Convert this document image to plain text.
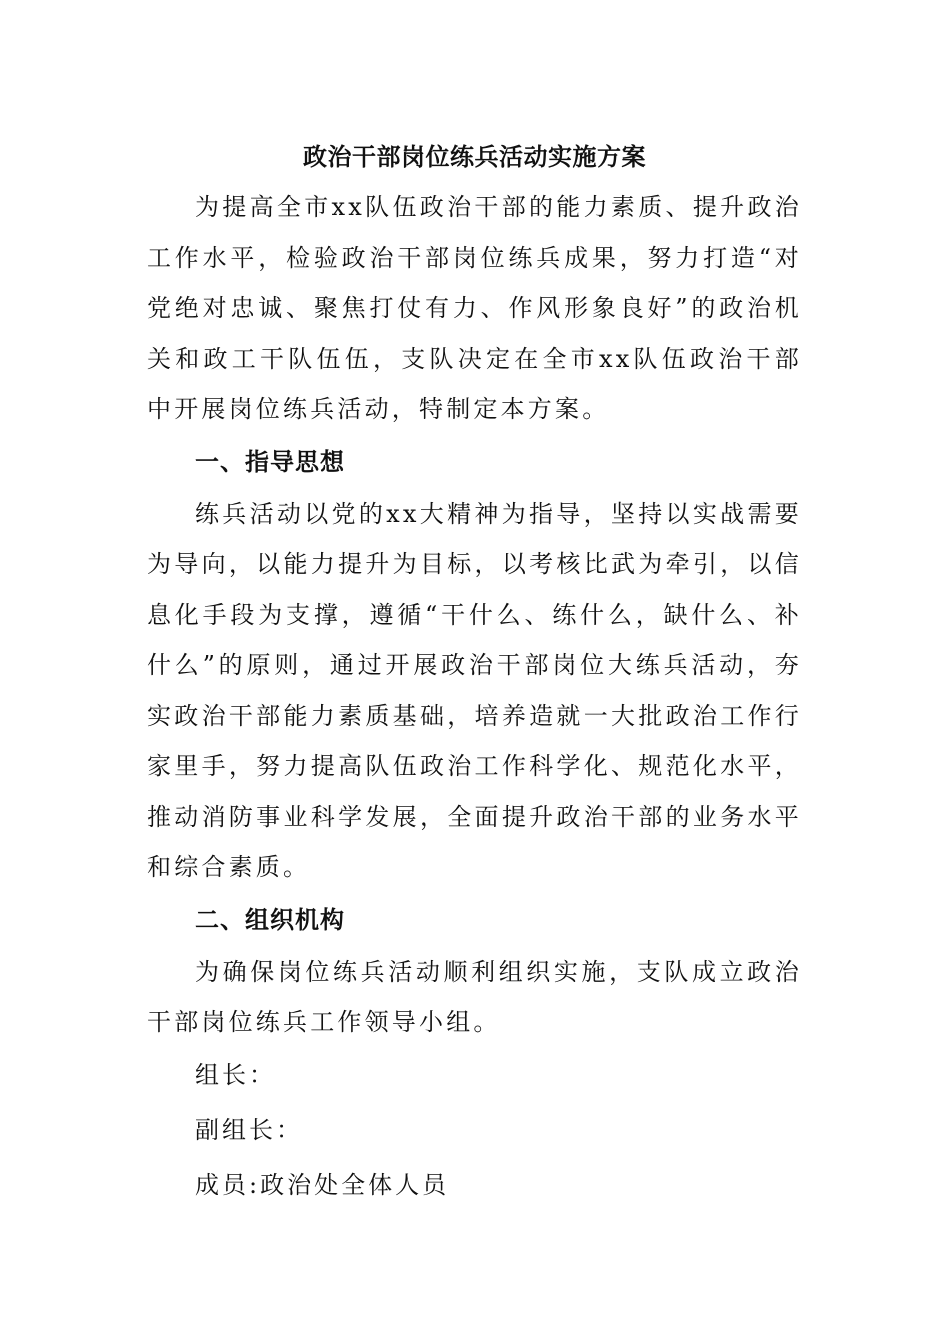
政治干部岗位练兵活动实施方案

为提高全市xx队伍政治干部的能力素质、提升政治工作水平，检验政治干部岗位练兵成果，努力打造“对党绝对忠诚、聚焦打仗有力、作风形象良好”的政治机关和政工干队伍伍，支队决定在全市xx队伍政治干部中开展岗位练兵活动，特制定本方案。

一、指导思想

练兵活动以党的xx大精神为指导，坚持以实战需要为导向，以能力提升为目标，以考核比武为牵引，以信息化手段为支撑，遵循“干什么、练什么，缺什么、补什么”的原则，通过开展政治干部岗位大练兵活动，夯实政治干部能力素质基础，培养造就一大批政治工作行家里手，努力提高队伍政治工作科学化、规范化水平，推动消防事业科学发展，全面提升政治干部的业务水平和综合素质。

二、组织机构

为确保岗位练兵活动顺利组织实施，支队成立政治干部岗位练兵工作领导小组。

组长：

副组长：

成员:政治处全体人员
